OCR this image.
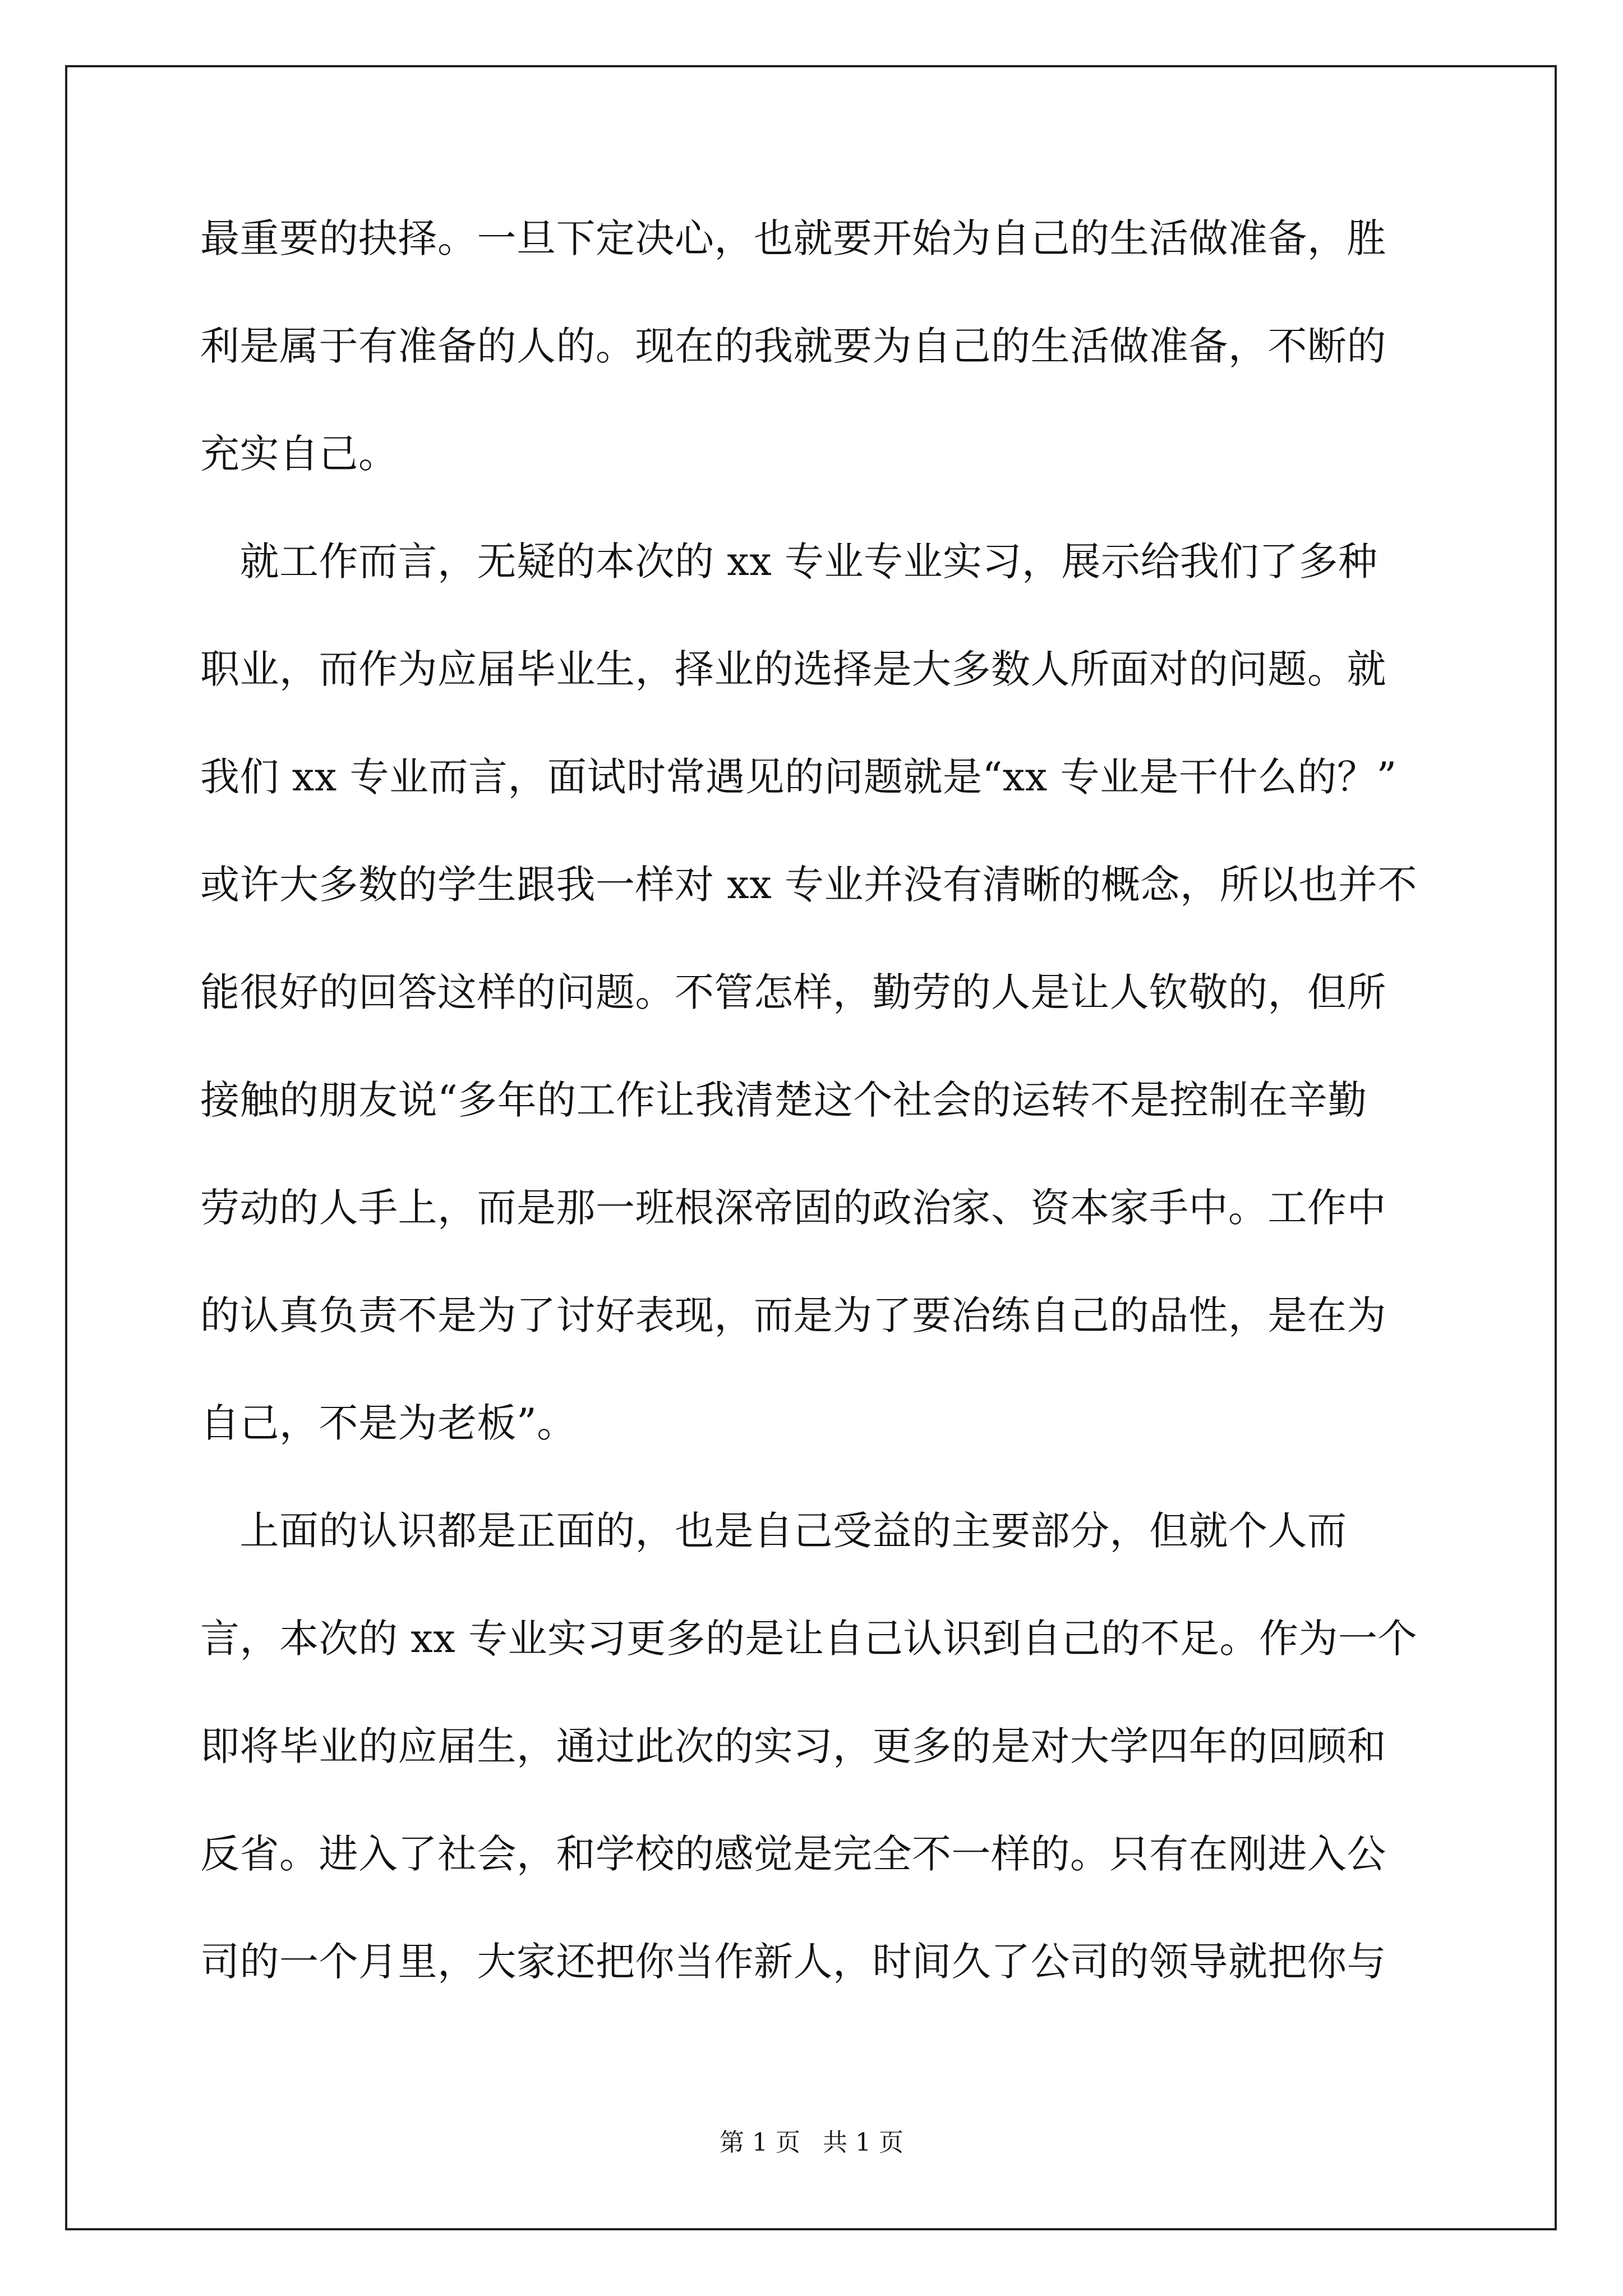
最重要的抉择。一旦下定决心，也就要开始为自己的生活做准备，胜
利是属于有准备的人的。现在的我就要为自己的生活做准备，不断的
充实自己。
　就工作而言，无疑的本次的 xx 专业专业实习，展示给我们了多种
职业，而作为应届毕业生，择业的选择是大多数人所面对的问题。就
我们 xx 专业而言，面试时常遇见的问题就是“xx 专业是干什么的？”
或许大多数的学生跟我一样对 xx 专业并没有清晰的概念，所以也并不
能很好的回答这样的问题。不管怎样，勤劳的人是让人钦敬的，但所
接触的朋友说“多年的工作让我清楚这个社会的运转不是控制在辛勤
劳动的人手上，而是那一班根深帝固的政治家、资本家手中。工作中
的认真负责不是为了讨好表现，而是为了要冶练自己的品性，是在为
自己，不是为老板”。
　上面的认识都是正面的，也是自己受益的主要部分，但就个人而
言，本次的 xx 专业实习更多的是让自己认识到自己的不足。作为一个
即将毕业的应届生，通过此次的实习，更多的是对大学四年的回顾和
反省。进入了社会，和学校的感觉是完全不一样的。只有在刚进入公
司的一个月里，大家还把你当作新人，时间久了公司的领导就把你与
第 1 页 共 1 页
